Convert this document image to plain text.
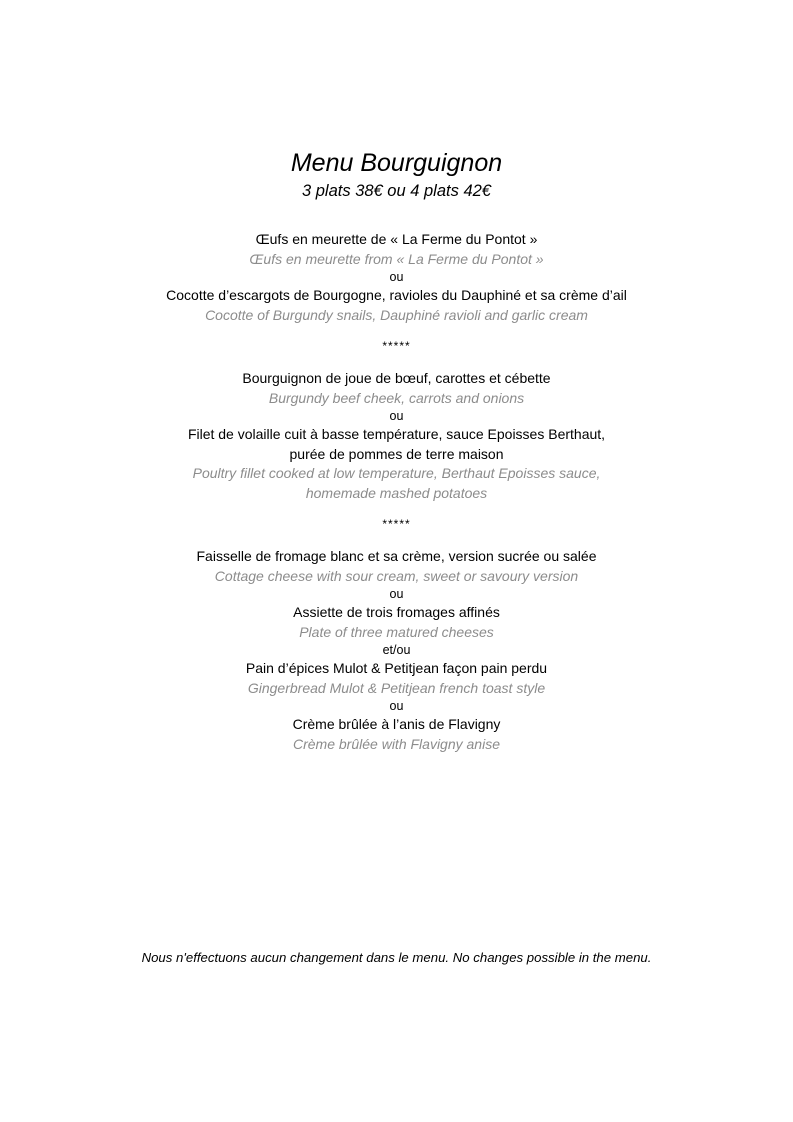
Menu Bourguignon
3 plats 38€ ou 4 plats 42€
Œufs en meurette de « La Ferme du Pontot »
Œufs en meurette from « La Ferme du Pontot »
ou
Cocotte d’escargots de Bourgogne, ravioles du Dauphiné et sa crème d’ail
Cocotte of Burgundy snails, Dauphiné ravioli and garlic cream
*****
Bourguignon de joue de bœuf, carottes et cébette
Burgundy beef cheek, carrots and onions
ou
Filet de volaille cuit à basse température, sauce Epoisses Berthaut,
purée de pommes de terre maison
Poultry fillet cooked at low temperature, Berthaut Epoisses sauce,
homemade mashed potatoes
*****
Faisselle de fromage blanc et sa crème, version sucrée ou salée
Cottage cheese with sour cream, sweet or savoury version
ou
Assiette de trois fromages affinés
Plate of three matured cheeses
et/ou
Pain d’épices Mulot & Petitjean façon pain perdu
Gingerbread Mulot & Petitjean french toast style
ou
Crème brûlée à l’anis de Flavigny
Crème brûlée with Flavigny anise
Nous n'effectuons aucun changement dans le menu. No changes possible in the menu.
